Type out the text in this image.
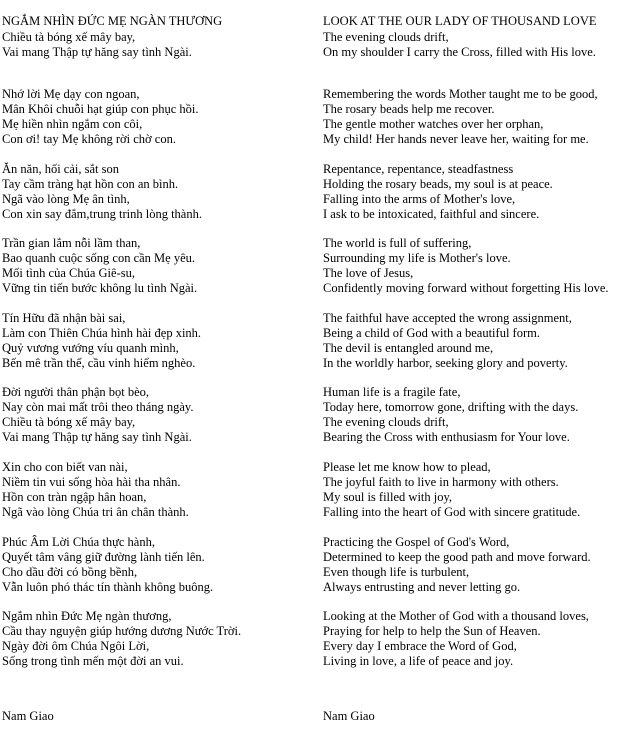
NGẮM NHÌN ĐỨC MẸ NGÀN THƯƠNG
Chiều tà bóng xế mây bay,
Vai mang Thập tự hăng say tình Ngài.
Nhớ lời Mẹ dạy con ngoan,
Mân Khôi chuỗi hạt giúp con phục hồi.
Mẹ hiền nhìn ngắm con côi,
Con ơi! tay Mẹ không rời chờ con.
Ăn năn, hối cải, sắt son
Tay cầm tràng hạt hồn con an bình.
Ngã vào lòng Mẹ ân tình,
Con xin say đắm,trung trinh lòng thành.
Trần gian lắm nỗi lầm than,
Bao quanh cuộc sống con cần Mẹ yêu.
Mối tình của Chúa Giê-su,
Vững tin tiến bước không lu tình Ngài.
Tín Hữu đã nhận bài sai,
Làm con Thiên Chúa hình hài đẹp xinh.
Quỷ vương vướng víu quanh mình,
Bến mê trần thế, cầu vinh hiểm nghèo.
Đời người thân phận bọt bèo,
Nay còn mai mất trôi theo tháng ngày.
Chiều tà bóng xế mây bay,
Vai mang Thập tự hăng say tình Ngài.
Xin cho con biết van nài,
Niềm tin vui sống hòa hài tha nhân.
Hồn con tràn ngập hân hoan,
Ngã vào lòng Chúa tri ân chân thành.
Phúc Âm Lời Chúa thực hành,
Quyết tâm vâng giữ đường lành tiến lên.
Cho dầu đời có bồng bềnh,
Vẫn luôn phó thác tín thành không buông.
Ngắm nhìn Đức Mẹ ngàn thương,
Cầu thay nguyện giúp hướng dương Nước Trời.
Ngày đời ôm Chúa Ngôi Lời,
Sống trong tình mến một đời an vui.
LOOK AT THE OUR LADY OF THOUSAND LOVE
The evening clouds drift,
On my shoulder I carry the Cross, filled with His love.
Remembering the words Mother taught me to be good,
The rosary beads help me recover.
The gentle mother watches over her orphan,
My child! Her hands never leave her, waiting for me.
Repentance, repentance, steadfastness
Holding the rosary beads, my soul is at peace.
Falling into the arms of Mother's love,
I ask to be intoxicated, faithful and sincere.
The world is full of suffering,
Surrounding my life is Mother's love.
The love of Jesus,
Confidently moving forward without forgetting His love.
The faithful have accepted the wrong assignment,
Being a child of God with a beautiful form.
The devil is entangled around me,
In the worldly harbor, seeking glory and poverty.
Human life is a fragile fate,
Today here, tomorrow gone, drifting with the days.
The evening clouds drift,
Bearing the Cross with enthusiasm for Your love.
Please let me know how to plead,
The joyful faith to live in harmony with others.
My soul is filled with joy,
Falling into the heart of God with sincere gratitude.
Practicing the Gospel of God's Word,
Determined to keep the good path and move forward.
Even though life is turbulent,
Always entrusting and never letting go.
Looking at the Mother of God with a thousand loves,
Praying for help to help the Sun of Heaven.
Every day I embrace the Word of God,
Living in love, a life of peace and joy.
Nam Giao	Nam Giao
